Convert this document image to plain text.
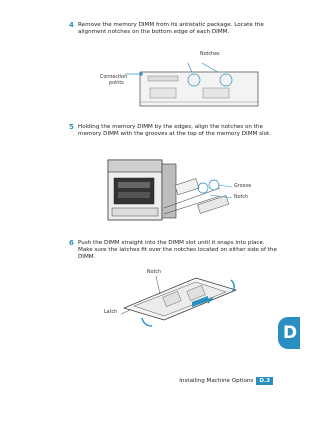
4 Remove the memory DIMM from its antistatic package. Locate the alignment notches on the bottom edge of each DIMM.
Notches
Connection
points
5 Holding the memory DIMM by the edges, align the notches on the memory DIMM with the grooves at the top of the memory DIMM slot.
Groove
Notch
6 Push the DIMM straight into the DIMM slot until it snaps into place. Make sure the latches fit over the notches located on either side of the DIMM.
Notch
Latch
D
Installing Machine Options D.3
